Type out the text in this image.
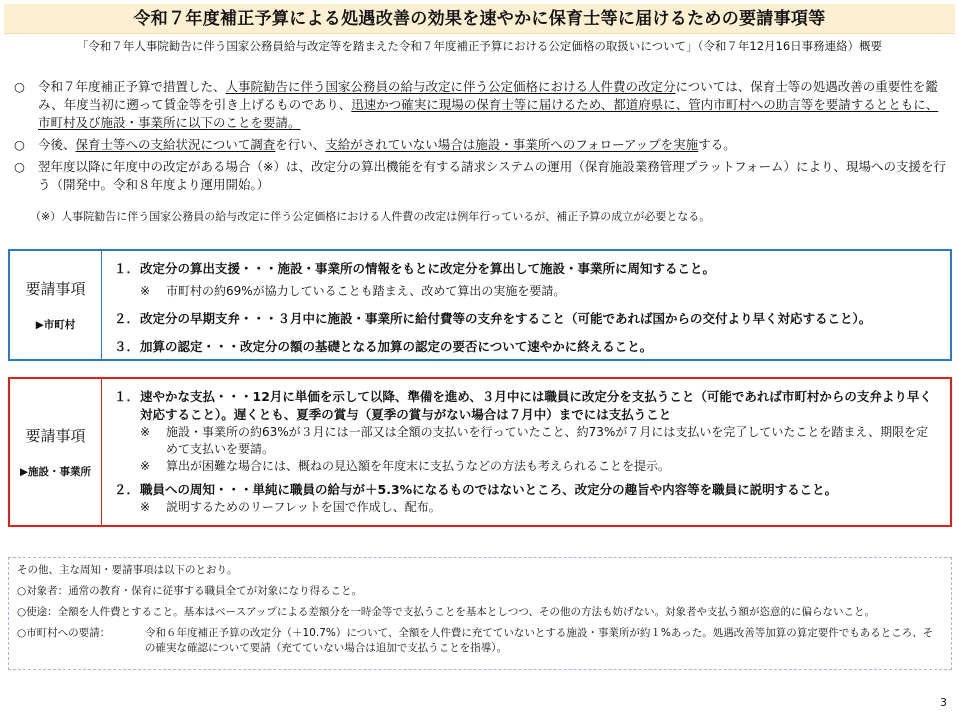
令和７年度補正予算による処遇改善の効果を速やかに保育士等に届けるための要請事項等
「令和７年人事院勧告に伴う国家公務員給与改定等を踏まえた令和７年度補正予算における公定価格の取扱いについて」（令和７年12月16日事務連絡）概要
○	令和７年度補正予算で措置した、人事院勧告に伴う国家公務員の給与改定に伴う公定価格における人件費の改定分については、保育士等の処遇改善の重要性を鑑み、年度当初に遡って賃金等を引き上げるものであり、迅速かつ確実に現場の保育士等に届けるため、都道府県に、管内市町村への助言等を要請するとともに、市町村及び施設・事業所に以下のことを要請。
○	今後、保育士等への支給状況について調査を行い、支給がされていない場合は施設・事業所へのフォローアップを実施する。
○	翌年度以降に年度中の改定がある場合（※）は、改定分の算出機能を有する請求システムの運用（保育施設業務管理プラットフォーム）により、現場への支援を行う（開発中。令和８年度より運用開始。）
（※）人事院勧告に伴う国家公務員の給与改定に伴う公定価格における人件費の改定は例年行っているが、補正予算の成立が必要となる。
要請事項
▶市町村
１． 改定分の算出支援・・・施設・事業所の情報をもとに改定分を算出して施設・事業所に周知すること。
※	市町村の約69%が協力していることも踏まえ、改めて算出の実施を要請。
２． 改定分の早期支弁・・・３月中に施設・事業所に給付費等の支弁をすること（可能であれば国からの交付より早く対応すること）。
３． 加算の認定・・・改定分の額の基礎となる加算の認定の要否について速やかに終えること。
要請事項
▶施設・事業所
１． 速やかな支払・・・12月に単価を示して以降、準備を進め、３月中には職員に改定分を支払うこと（可能であれば市町村からの支弁より早く対応すること）。遅くとも、夏季の賞与（夏季の賞与がない場合は７月中）までには支払うこと
※	施設・事業所の約63%が３月には一部又は全額の支払いを行っていたこと、約73%が７月には支払いを完了していたことを踏まえ、期限を定めて支払いを要請。
※	算出が困難な場合には、概ねの見込額を年度末に支払うなどの方法も考えられることを提示。
２． 職員への周知・・・単純に職員の給与が＋5.3%になるものではないところ、改定分の趣旨や内容等を職員に説明すること。
※	説明するためのリーフレットを国で作成し、配布。
その他、主な周知・要請事項は以下のとおり。
○対象者： 通常の教育・保育に従事する職員全てが対象になり得ること。
○使途： 全額を人件費とすること。基本はベースアップによる差額分を一時金等で支払うことを基本としつつ、その他の方法も妨げない。対象者や支払う額が恣意的に偏らないこと。
○市町村への要請：	令和６年度補正予算の改定分（＋10.7%）について、全額を人件費に充てていないとする施設・事業所が約１%あった。処遇改善等加算の算定要件でもあるところ、その確実な確認について要請（充てていない場合は追加で支払うことを指導）。
3
